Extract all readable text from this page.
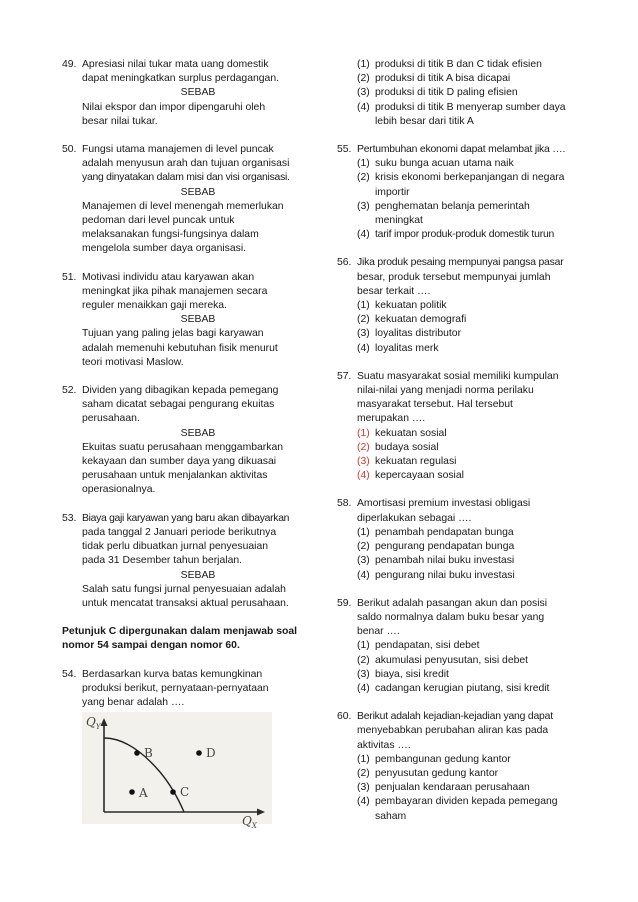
49. Apresiasi nilai tukar mata uang domestik

dapat meningkatkan surplus perdagangan.

SEBAB

Nilai ekspor dan impor dipengaruhi oleh

besar nilai tukar.

50. Fungsi utama manajemen di level puncak

adalah menyusun arah dan tujuan organisasi

yang dinyatakan dalam misi dan visi organisasi.

SEBAB

Manajemen di level menengah memerlukan

pedoman dari level puncak untuk

melaksanakan fungsi-fungsinya dalam

mengelola sumber daya organisasi.

51. Motivasi individu atau karyawan akan

meningkat jika pihak manajemen secara

reguler menaikkan gaji mereka.

SEBAB

Tujuan yang paling jelas bagi karyawan

adalah memenuhi kebutuhan fisik menurut

teori motivasi Maslow.

52. Dividen yang dibagikan kepada pemegang

saham dicatat sebagai pengurang ekuitas

perusahaan.

SEBAB

Ekuitas suatu perusahaan menggambarkan

kekayaan dan sumber daya yang dikuasai

perusahaan untuk menjalankan aktivitas

operasionalnya.

53. Biaya gaji karyawan yang baru akan dibayarkan

pada tanggal 2 Januari periode berikutnya

tidak perlu dibuatkan jurnal penyesuaian

pada 31 Desember tahun berjalan.

SEBAB

Salah satu fungsi jurnal penyesuaian adalah

untuk mencatat transaksi aktual perusahaan.

Petunjuk C dipergunakan dalam menjawab soal
nomor 54 sampai dengan nomor 60.
54. Berdasarkan kurva batas kemungkinan

produksi berikut, pernyataan-pernyataan

yang benar adalah ….

$Q_Y$
$Q_X$
B	D
A	C
(1) produksi di titik B dan C tidak efisien
(2) produksi di titik A bisa dicapai
(3) produksi di titik D paling efisien
(4) produksi di titik B menyerap sumber daya
lebih besar dari titik A
55. Pertumbuhan ekonomi dapat melambat jika ….

(1) suku bunga acuan utama naik
(2) krisis ekonomi berkepanjangan di negara
importir
(3) penghematan belanja pemerintah
meningkat
(4) tarif impor produk-produk domestik turun
56. Jika produk pesaing mempunyai pangsa pasar

besar, produk tersebut mempunyai jumlah

besar terkait ….

(1) kekuatan politik
(2) kekuatan demografi
(3) loyalitas distributor
(4) loyalitas merk
57. Suatu masyarakat sosial memiliki kumpulan

nilai-nilai yang menjadi norma perilaku

masyarakat tersebut. Hal tersebut

merupakan ….

(1) kekuatan sosial
(2) budaya sosial
(3) kekuatan regulasi
(4) kepercayaan sosial
58. Amortisasi premium investasi obligasi

diperlakukan sebagai ….

(1) penambah pendapatan bunga
(2) pengurang pendapatan bunga
(3) penambah nilai buku investasi
(4) pengurang nilai buku investasi
59. Berikut adalah pasangan akun dan posisi

saldo normalnya dalam buku besar yang

benar ….

(1) pendapatan, sisi debet
(2) akumulasi penyusutan, sisi debet
(3) biaya, sisi kredit
(4) cadangan kerugian piutang, sisi kredit
60. Berikut adalah kejadian-kejadian yang dapat

menyebabkan perubahan aliran kas pada

aktivitas ….

(1) pembangunan gedung kantor
(2) penyusutan gedung kantor
(3) penjualan kendaraan perusahaan
(4) pembayaran dividen kepada pemegang
saham
